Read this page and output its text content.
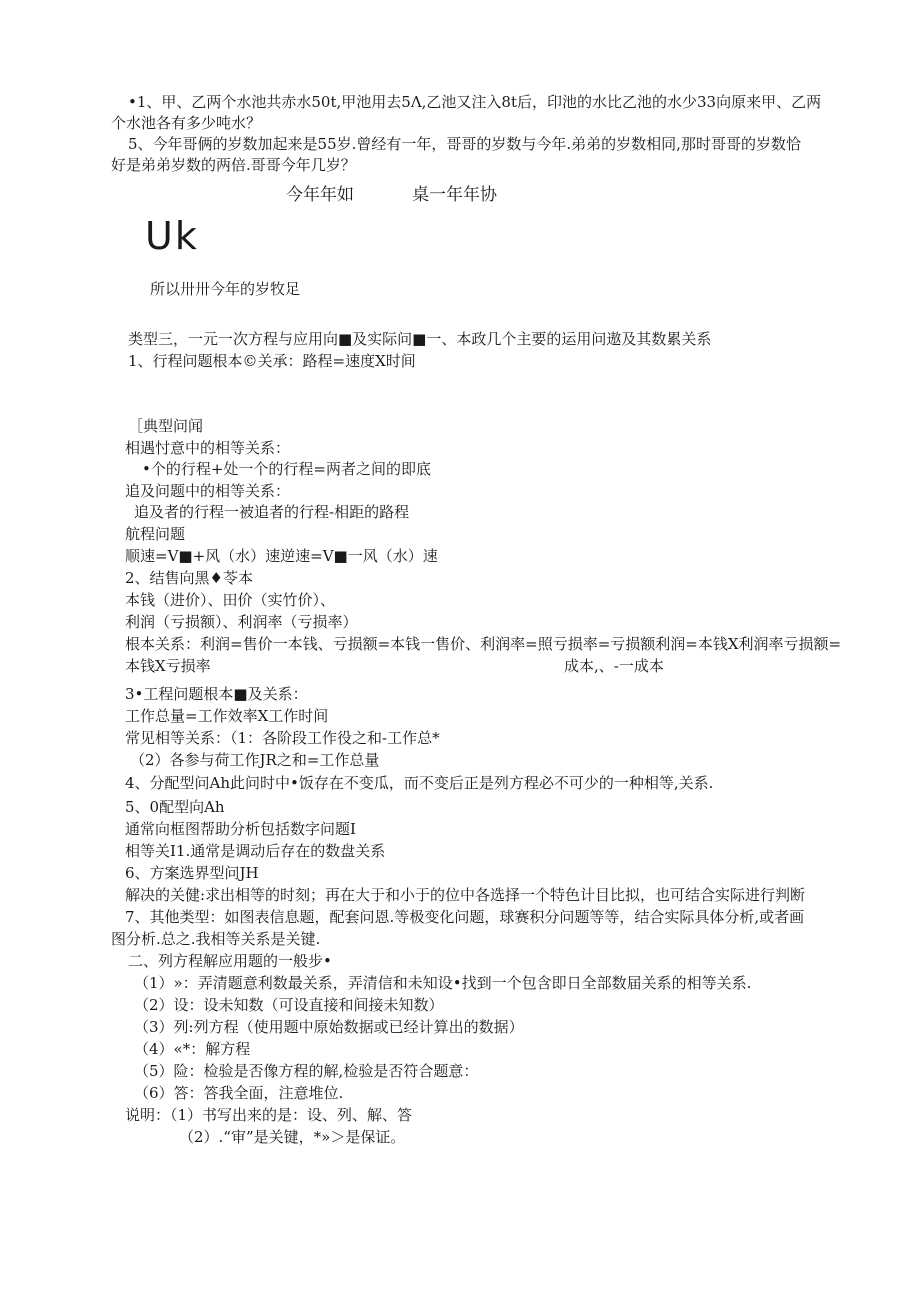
•1、甲、乙两个水池共赤水50t,甲池用去5Λ,乙池又注入8t后，印池的水比乙池的水少33向原来甲、乙两
个水池各有多少吨水？
5、今年哥俩的岁数加起来是55岁.曾经有一年，哥哥的岁数与今年.弟弟的岁数相同,那时哥哥的岁数恰
好是弟弟岁数的两倍.哥哥今年几岁？
今年年如	桌一年年协
Uk
所以卅卅今年的岁牧足
类型三，一元一次方程与应用向■及实际问■一、本政几个主要的运用问遨及其数累关系
1、行程问题根本©关承：路程=速度X时间
［典型问闻
相遇忖意中的相等关系：
•个的行程+处一个的行程=两者之间的即底
追及问题中的相等关系：
追及者的行程一被追者的行程-相距的路程
航程问题
顺速=V■+风（水）速逆速=V■一风（水）速
2、结售向黑♦苓本
本钱（进价）、田价（实竹价）、
利润（亏损额）、利润率（亏损率）
根本关系：利润=售价一本钱、亏损额=本钱一售价、利润率=照亏损率=亏损额利润=本钱X利润率亏损额=
本钱X亏损率	成本,、-一成本
3•工程问题根本■及关系：
工作总量=工作效率X工作时间
常见相等关系：（1：各阶段工作役之和-工作总*
（2）各参与荷工作JR之和=工作总量
4、分配型问Ah此问时中•饭存在不变瓜，而不变后正是列方程必不可少的一种相等,关系.
5、0配型向Ah
通常向框图帮助分析包括数字问题I
相等关I1.通常是调动后存在的数盘关系
6、方案选界型问JH
解决的关健:求出相等的时刻；再在大于和小于的位中各选择一个特色计目比拟，也可结合实际进行判断
7、其他类型：如图表信息题，配套问恩.等极变化问题，球赛积分问题等等，结合实际具体分析,或者画
图分析.总之.我相等关系是关键.
二、列方程解应用题的一般步•
（1）»：弄清题意利数最关系，弄清信和未知设•找到一个包含即日全部数届关系的相等关系.
（2）设：设未知数（可设直接和间接未知数）
（3）列:列方程（使用题中原始数据或已经计算出的数据）
（4）«*：解方程
（5）险：检验是否像方程的解,检验是否符合题意：
（6）答：答我全面，注意堆位.
说明：（1）书写出来的是：设、列、解、答
（2）.“审”是关键，*»＞是保证。
